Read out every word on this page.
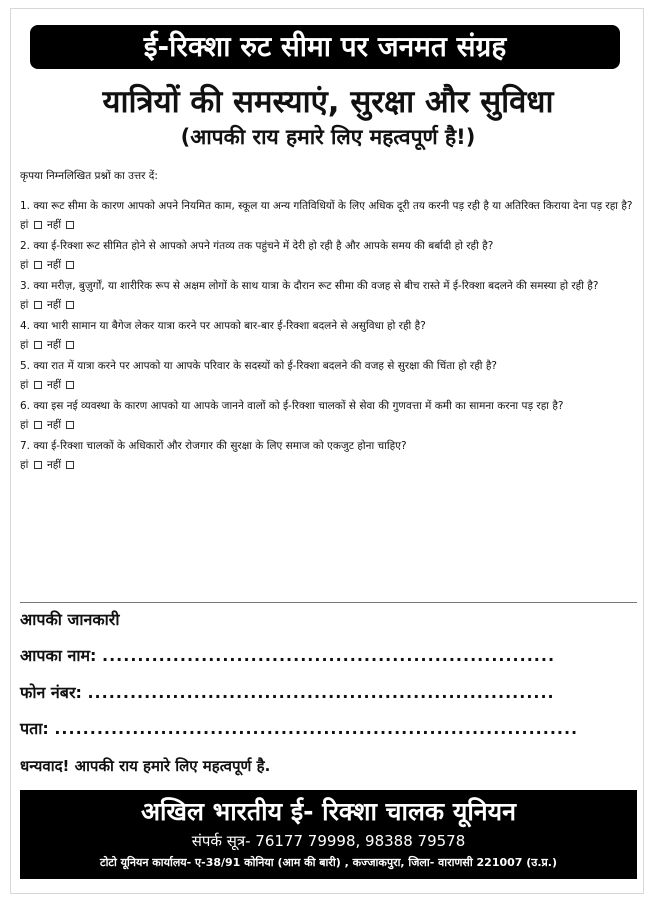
ई-रिक्शा रुट सीमा पर जनमत संग्रह
यात्रियों की समस्याएं, सुरक्षा और सुविधा
(आपकी राय हमारे लिए महत्वपूर्ण है!)
कृपया निम्नलिखित प्रश्नों का उत्तर दें:
1. क्या रूट सीमा के कारण आपको अपने नियमित काम, स्कूल या अन्य गतिविधियों के लिए अधिक दूरी तय करनी पड़ रही है या अतिरिक्त किराया देना पड़ रहा है?
हां नहीं
2. क्या ई-रिक्शा रूट सीमित होने से आपको अपने गंतव्य तक पहुंचने में देरी हो रही है और आपके समय की बर्बादी हो रही है?
हां नहीं
3. क्या मरीज़, बुज़ुर्गों, या शारीरिक रूप से अक्षम लोगों के साथ यात्रा के दौरान रूट सीमा की वजह से बीच रास्ते में ई-रिक्शा बदलने की समस्या हो रही है?
हां नहीं
4. क्या भारी सामान या बैगेज लेकर यात्रा करने पर आपको बार-बार ई-रिक्शा बदलने से असुविधा हो रही है?
हां नहीं
5. क्या रात में यात्रा करने पर आपको या आपके परिवार के सदस्यों को ई-रिक्शा बदलने की वजह से सुरक्षा की चिंता हो रही है?
हां नहीं
6. क्या इस नई व्यवस्था के कारण आपको या आपके जानने वालों को ई-रिक्शा चालकों से सेवा की गुणवत्ता में कमी का सामना करना पड़ रहा है?
हां नहीं
7. क्या ई-रिक्शा चालकों के अधिकारों और रोजगार की सुरक्षा के लिए समाज को एकजुट होना चाहिए?
हां नहीं
आपकी जानकारी
आपका नाम: ................................................................
फोन नंबर: ..................................................................
पता: ..........................................................................
धन्यवाद! आपकी राय हमारे लिए महत्वपूर्ण है.
अखिल भारतीय ई- रिक्शा चालक यूनियन
संपर्क सूत्र- 76177 79998, 98388 79578
टोटो यूनियन कार्यालय- ए-38/91 कोनिया (आम की बारी) , कज्जाकपुरा, जिला- वाराणसी 221007 (उ.प्र.)
